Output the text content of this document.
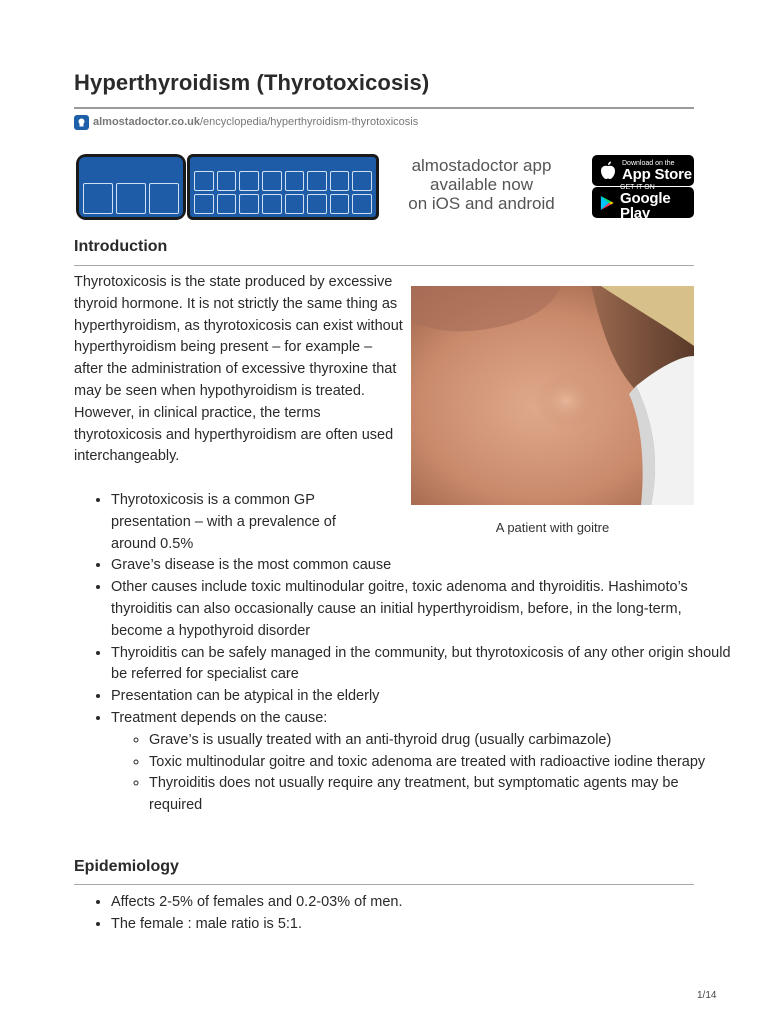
Hyperthyroidism (Thyrotoxicosis)
almostadoctor.co.uk /encyclopedia/hyperthyroidism-thyrotoxicosis
almostadoctor app
available now
on iOS and android
Download on the
App Store
GET IT ON
Google Play
Introduction

Thyrotoxicosis is the state produced by excessive thyroid hormone. It is not strictly the same thing as hyperthyroidism, as thyrotoxicosis can exist without hyperthyroidism being present – for example – after the administration of excessive thyroxine that may be seen when hypothyroidism is treated. However, in clinical practice, the terms thyrotoxicosis and hyperthyroidism are often used interchangeably.

• Thyrotoxicosis is a common GP presentation – with a prevalence of around 0.5%
• Grave’s disease is the most common cause
• Other causes include toxic multinodular goitre, toxic adenoma and thyroiditis. Hashimoto’s thyroiditis can also occasionally cause an initial hyperthyroidism, before, in the long-term, become a hypothyroid disorder
• Thyroiditis can be safely managed in the community, but thyrotoxicosis of any other origin should be referred for specialist care
• Presentation can be atypical in the elderly
• Treatment depends on the cause:
◦ Grave’s is usually treated with an anti-thyroid drug (usually carbimazole)
◦ Toxic multinodular goitre and toxic adenoma are treated with radioactive iodine therapy
◦ Thyroiditis does not usually require any treatment, but symptomatic agents may be required
A patient with goitre
Epidemiology
• Affects 2-5% of females and 0.2-03% of men.
• The female : male ratio is 5:1.
1/14
